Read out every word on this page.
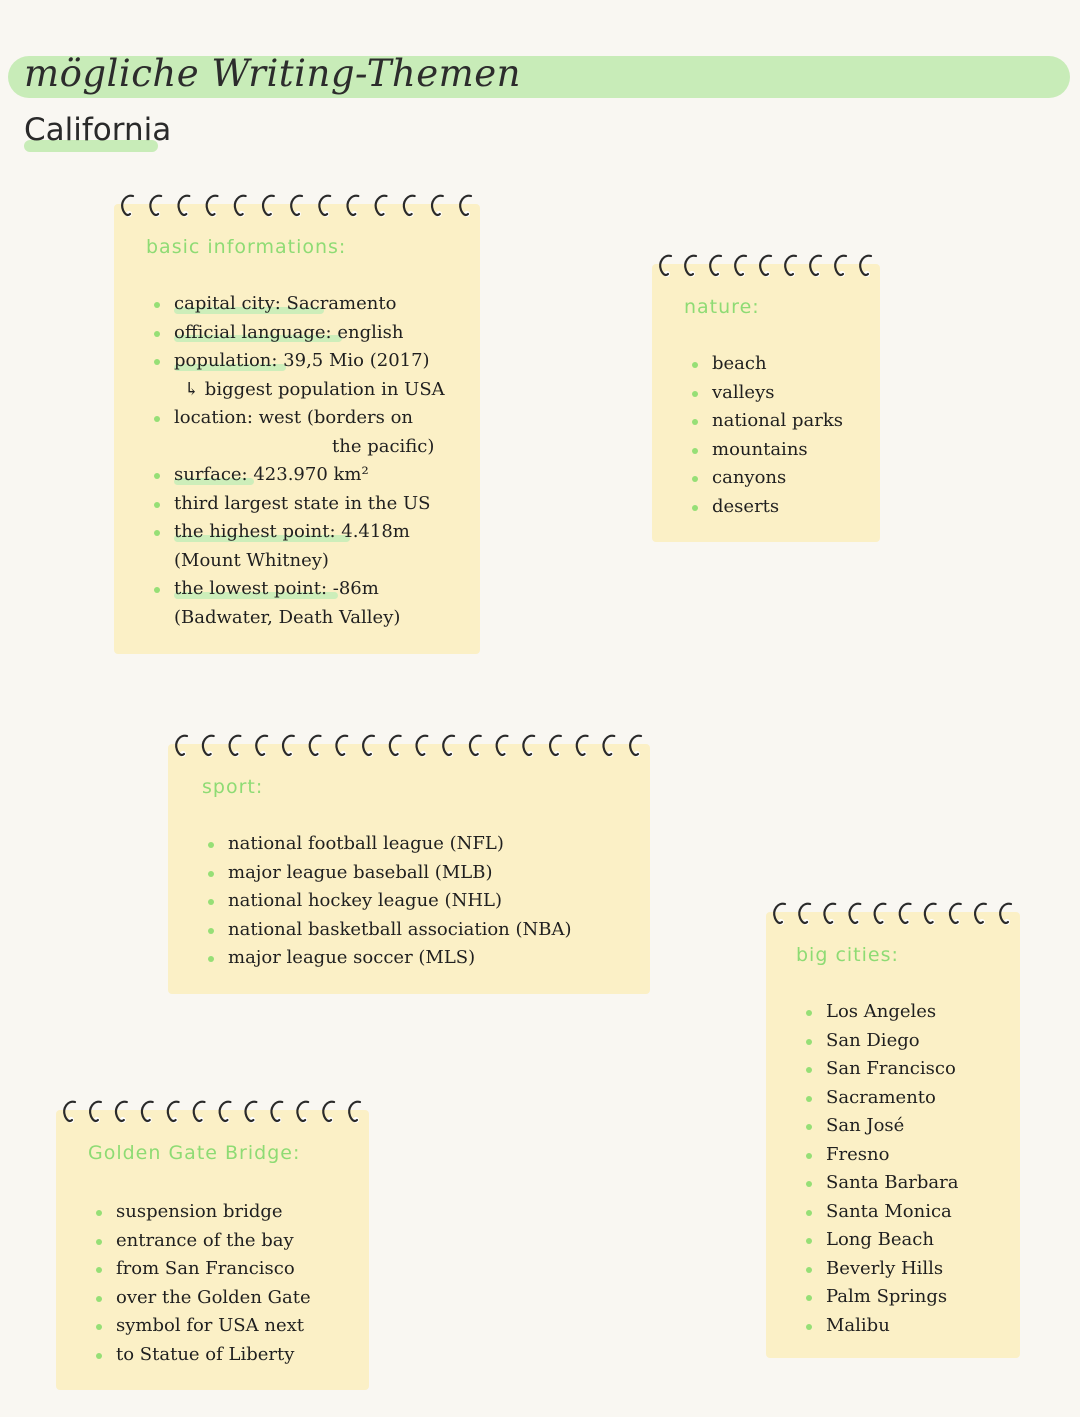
mögliche Writing-Themen
California
basic informations:
capital city: Sacramento
official language: english
population: 39,5 Mio (2017)
↳ biggest population in USA
location: west (borders on
the pacific)
surface: 423.970 km²
third largest state in the US
the highest point: 4.418m
(Mount Whitney)
the lowest point: -86m
(Badwater, Death Valley)
nature:
beach
valleys
national parks
mountains
canyons
deserts
sport:
national football league (NFL)
major league baseball (MLB)
national hockey league (NHL)
national basketball association (NBA)
major league soccer (MLS)	big cities:
Los Angeles
San Diego
San Francisco
Sacramento
San José
Fresno
Santa Barbara
Santa Monica
Long Beach
Beverly Hills
Palm Springs
Malibu
Golden Gate Bridge:
suspension bridge
entrance of the bay
from San Francisco
over the Golden Gate
symbol for USA next
to Statue of Liberty
